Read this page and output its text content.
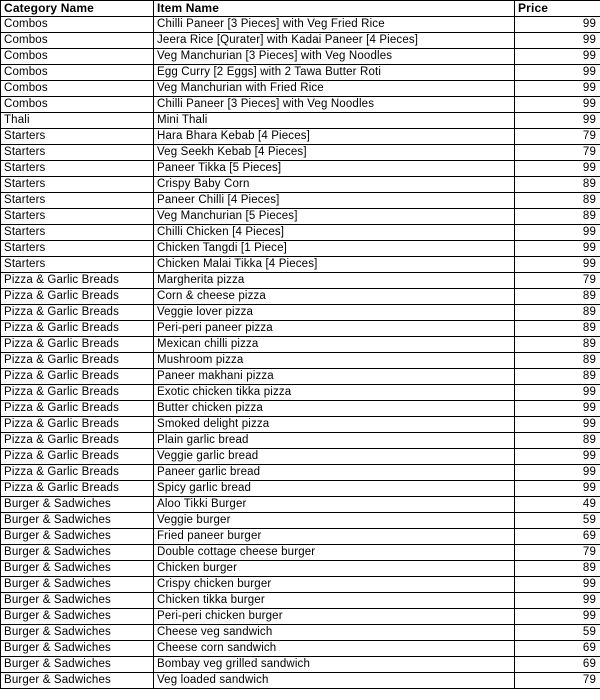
Category Name	Item Name	Price
Combos	Chilli Paneer [3 Pieces] with Veg Fried Rice	99
Combos	Jeera Rice [Qurater] with Kadai Paneer [4 Pieces]	99
Combos	Veg Manchurian [3 Pieces] with Veg Noodles	99
Combos	Egg Curry [2 Eggs] with 2 Tawa Butter Roti	99
Combos	Veg Manchurian with Fried Rice	99
Combos	Chilli Paneer [3 Pieces] with Veg Noodles	99
Thali	Mini Thali	99
Starters	Hara Bhara Kebab [4 Pieces]	79
Starters	Veg Seekh Kebab [4 Pieces]	79
Starters	Paneer Tikka [5 Pieces]	99
Starters	Crispy Baby Corn	89
Starters	Paneer Chilli [4 Pieces]	89
Starters	Veg Manchurian [5 Pieces]	89
Starters	Chilli Chicken [4 Pieces]	99
Starters	Chicken Tangdi [1 Piece]	99
Starters	Chicken Malai Tikka [4 Pieces]	99
Pizza & Garlic Breads	Margherita pizza	79
Pizza & Garlic Breads	Corn & cheese pizza	89
Pizza & Garlic Breads	Veggie lover pizza	89
Pizza & Garlic Breads	Peri-peri paneer pizza	89
Pizza & Garlic Breads	Mexican chilli pizza	89
Pizza & Garlic Breads	Mushroom pizza	89
Pizza & Garlic Breads	Paneer makhani pizza	89
Pizza & Garlic Breads	Exotic chicken tikka pizza	99
Pizza & Garlic Breads	Butter chicken pizza	99
Pizza & Garlic Breads	Smoked delight pizza	99
Pizza & Garlic Breads	Plain garlic bread	89
Pizza & Garlic Breads	Veggie garlic bread	99
Pizza & Garlic Breads	Paneer garlic bread	99
Pizza & Garlic Breads	Spicy garlic bread	99
Burger & Sadwiches	Aloo Tikki Burger	49
Burger & Sadwiches	Veggie burger	59
Burger & Sadwiches	Fried paneer burger	69
Burger & Sadwiches	Double cottage cheese burger	79
Burger & Sadwiches	Chicken burger	89
Burger & Sadwiches	Crispy chicken burger	99
Burger & Sadwiches	Chicken tikka burger	99
Burger & Sadwiches	Peri-peri chicken burger	99
Burger & Sadwiches	Cheese veg sandwich	59
Burger & Sadwiches	Cheese corn sandwich	69
Burger & Sadwiches	Bombay veg grilled sandwich	69
Burger & Sadwiches	Veg loaded sandwich	79
